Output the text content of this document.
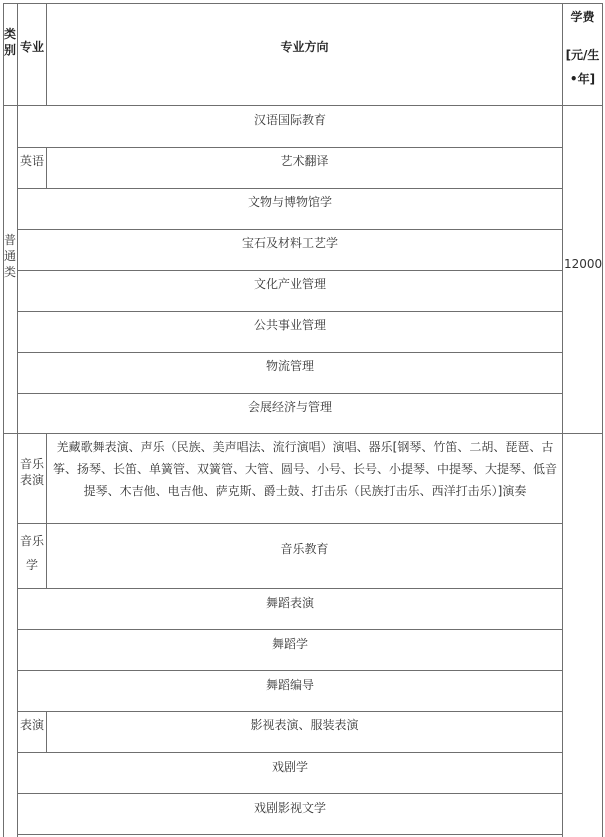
类别 专业	专业方向
学费
[元/生
•年]
普通类
12000
英语
汉语国际教育
艺术翻译
文物与博物馆学
宝石及材料工艺学
文化产业管理
公共事业管理
物流管理
会展经济与管理
音乐表演
羌藏歌舞表演、声乐（民族、美声唱法、流行演唱）演唱、器乐[钢琴、竹笛、二胡、琵琶、古筝、扬琴、长笛、单簧管、双簧管、大管、圆号、小号、长号、小提琴、中提琴、大提琴、低音提琴、木吉他、电吉他、萨克斯、爵士鼓、打击乐（民族打击乐、西洋打击乐）]演奏
音乐学
音乐教育
舞蹈表演
舞蹈学
舞蹈编导
表演	影视表演、服装表演
戏剧学
戏剧影视文学
